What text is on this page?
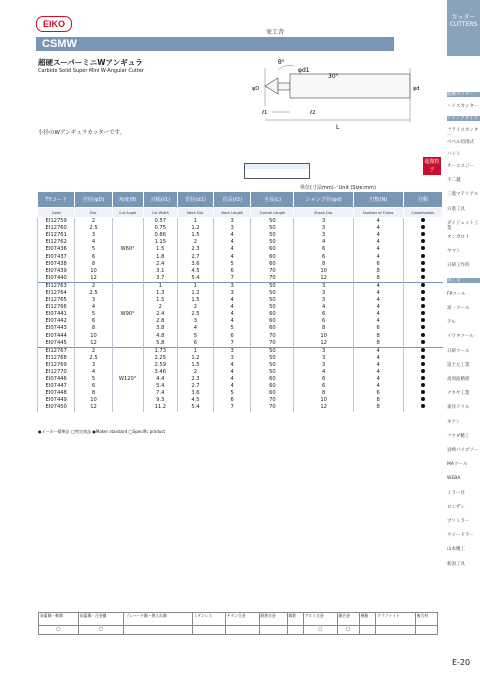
EIKO
栄工舎
CSMW
超硬スーパーミニWアンギュラ
Carbide Solid Super Mini W-Angular Cutter
θ°
φd1
30°
φD	φd
ℓ1	ℓ2
L
小径のWアンギュラカッターです。
超微粒子
単位(寸法mm)／Unit (Size:mm)
TYコード	刃径(φD)	角度(θ)	刃幅(ℓ1)	首径(d1)	首長(ℓ2)	全長(L)	シャンク径(φd)	刃数(N)	分類
Code	Dia.	Cut Angle	Cut Width	Neck Dia.	Neck Length	Overall Length	Shank Dia.	Number of Flutes	Classification
EI12759	2	W60°	0.57	1	3	50	3	4	
EI12760	2.5		0.75	1.2	3	50	3	4	
EI12761	3		0.86	1.5	4	50	3	4	
EI12762	4		1.15	2	4	50	4	4	
EI07436	5		1.5	2.3	4	60	6	4	
EI07437	6		1.8	2.7	4	60	6	4	
EI07438	8		2.4	3.6	5	60	8	6	
EI07439	10		3.1	4.5	6	70	10	8	
EI07440	12		3.7	5.4	7	70	12	8	
EI12763	2	W90°	1	1	3	50	3	4	
EI12764	2.5		1.3	1.2	3	50	3	4	
EI12765	3		1.5	1.5	4	50	3	4	
EI12766	4		2	2	4	50	4	4	
EI07441	5		2.4	2.5	4	60	6	4	
EI07442	6		2.8	3	4	60	6	4	
EI07443	8		3.8	4	5	60	8	6	
EI07444	10		4.8	5	6	70	10	8	
EI07445	12		5.8	6	7	70	12	8	
EI12767	2	W120°	1.73	1	3	50	3	4	
EI12768	2.5		2.25	1.2	3	50	3	4	
EI12769	3		2.59	1.5	4	50	3	4	
EI12770	4		3.46	2	4	50	4	4	
EI07446	5		4.4	2.3	4	60	6	4	
EI07447	6		5.4	2.7	4	60	6	4	
EI07448	8		7.4	3.6	5	60	8	6	
EI07449	10		9.3	4.5	6	70	10	8	
EI07450	12		11.2	5.4	7	70	12	8	
●メーカー標準品 ◯特定商品 ●Maker standard ◯Specific product
カッター CUTTERS
超硬カッター
ハイスカッター
シャンクタイプ
フライスカッター
ベベル切削式
バイト
オーエスジー
不二越
三菱マテリアル
日進工具
ダイジェット工業
タンガロイ
ヤマト
日研工作所
栄工舎
FPツール
富一ツール
テル
イワタツール
日研ツール
冨士元工業
高周波精密
ナカヤ工業
東洋ドリル
ギケン
フクダ精工
岩崎パイプソー
MAツール
WEBA
ミラー社
ロンザン
プリミラー
ウイードラー
山本精工
新潟工具
炭素鋼・軟鋼	炭素鋼・合金鋼	プレハード鋼・焼入れ鋼	ステンレス	チタン合金	耐熱合金	鋳鉄	アルミ合金	銅合金	樹脂	グラファイト	複合材
◯	◯						◯	◯			
E-20
